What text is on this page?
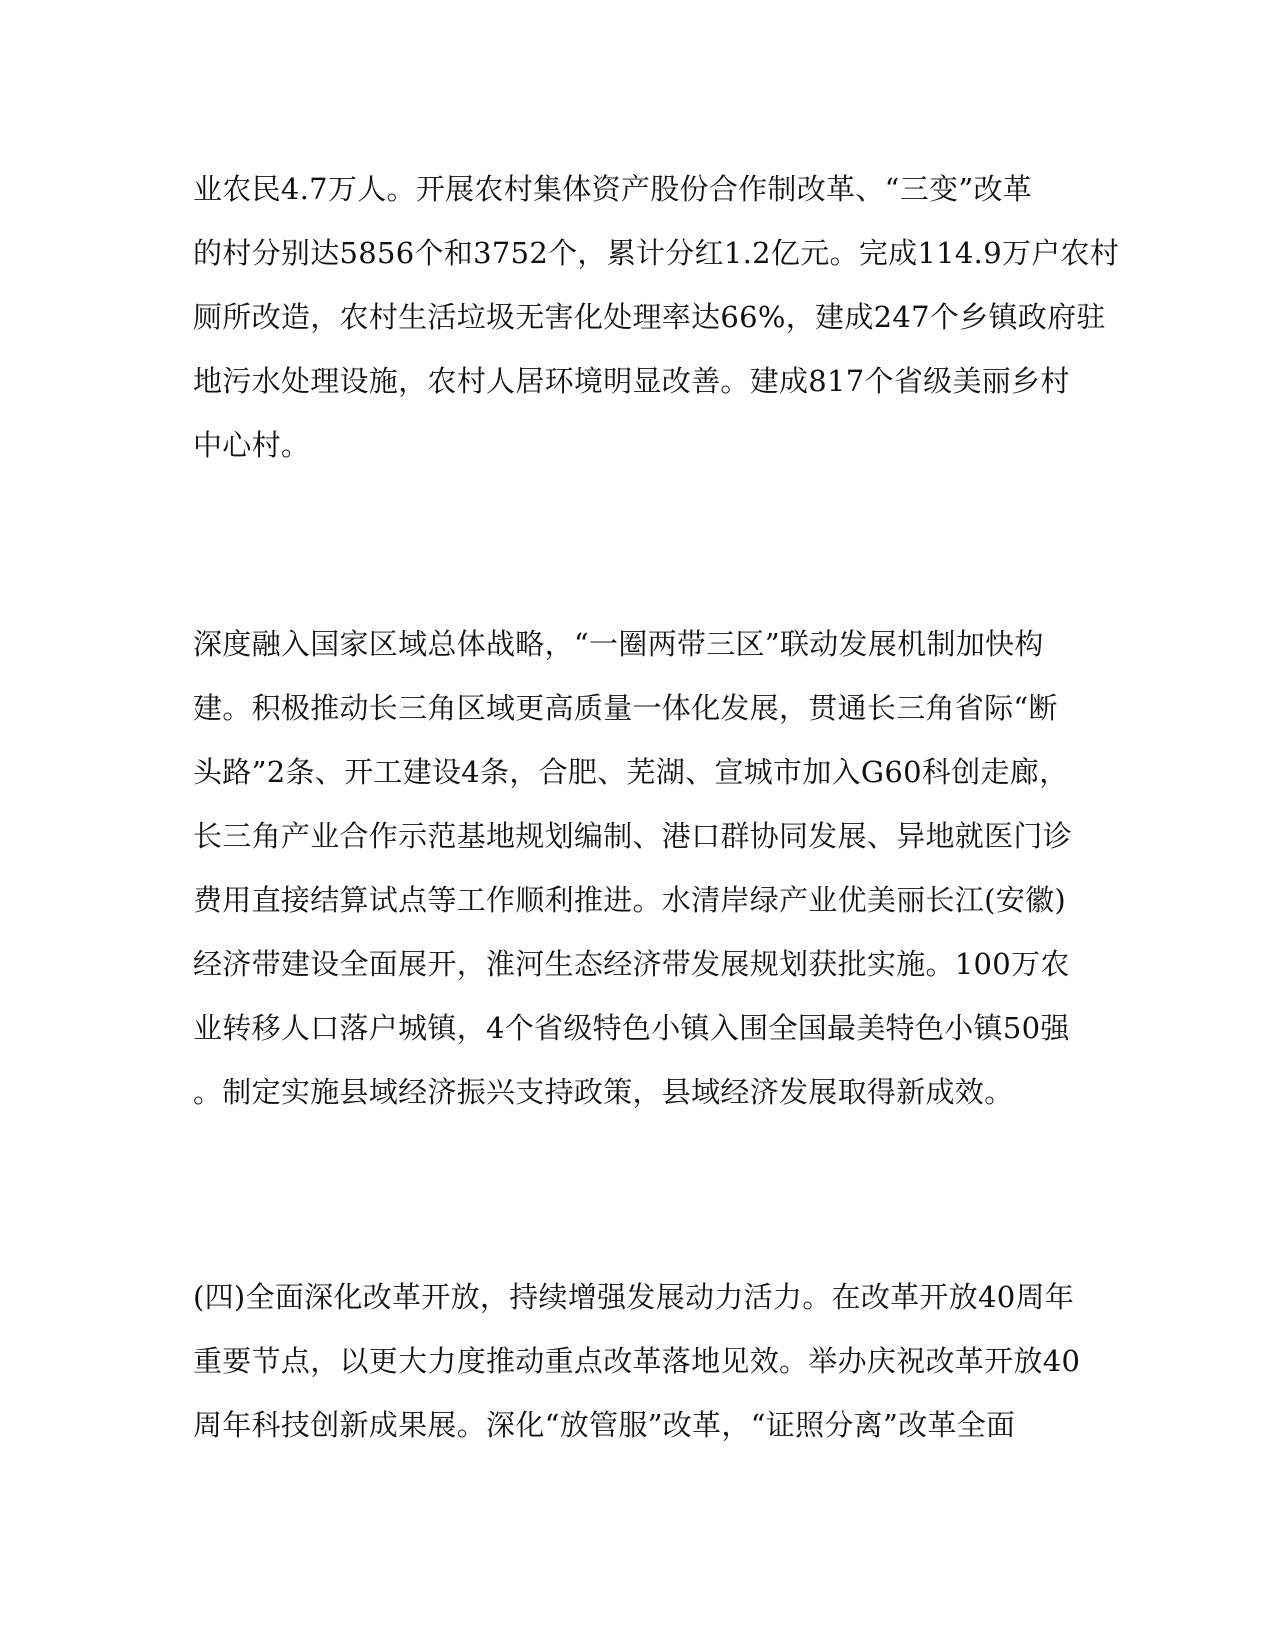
业农民4.7万人。开展农村集体资产股份合作制改革、“三变”改革
的村分别达5856个和3752个，累计分红1.2亿元。完成114.9万户农村
厕所改造，农村生活垃圾无害化处理率达66%，建成247个乡镇政府驻
地污水处理设施，农村人居环境明显改善。建成817个省级美丽乡村
中心村。
深度融入国家区域总体战略，“一圈两带三区”联动发展机制加快构
建。积极推动长三角区域更高质量一体化发展，贯通长三角省际“断
头路”2条、开工建设4条，合肥、芜湖、宣城市加入G60科创走廊，
长三角产业合作示范基地规划编制、港口群协同发展、异地就医门诊
费用直接结算试点等工作顺利推进。水清岸绿产业优美丽长江(安徽)
经济带建设全面展开，淮河生态经济带发展规划获批实施。100万农
业转移人口落户城镇，4个省级特色小镇入围全国最美特色小镇50强
。制定实施县域经济振兴支持政策，县域经济发展取得新成效。
(四)全面深化改革开放，持续增强发展动力活力。在改革开放40周年
重要节点，以更大力度推动重点改革落地见效。举办庆祝改革开放40
周年科技创新成果展。深化“放管服”改革，“证照分离”改革全面
